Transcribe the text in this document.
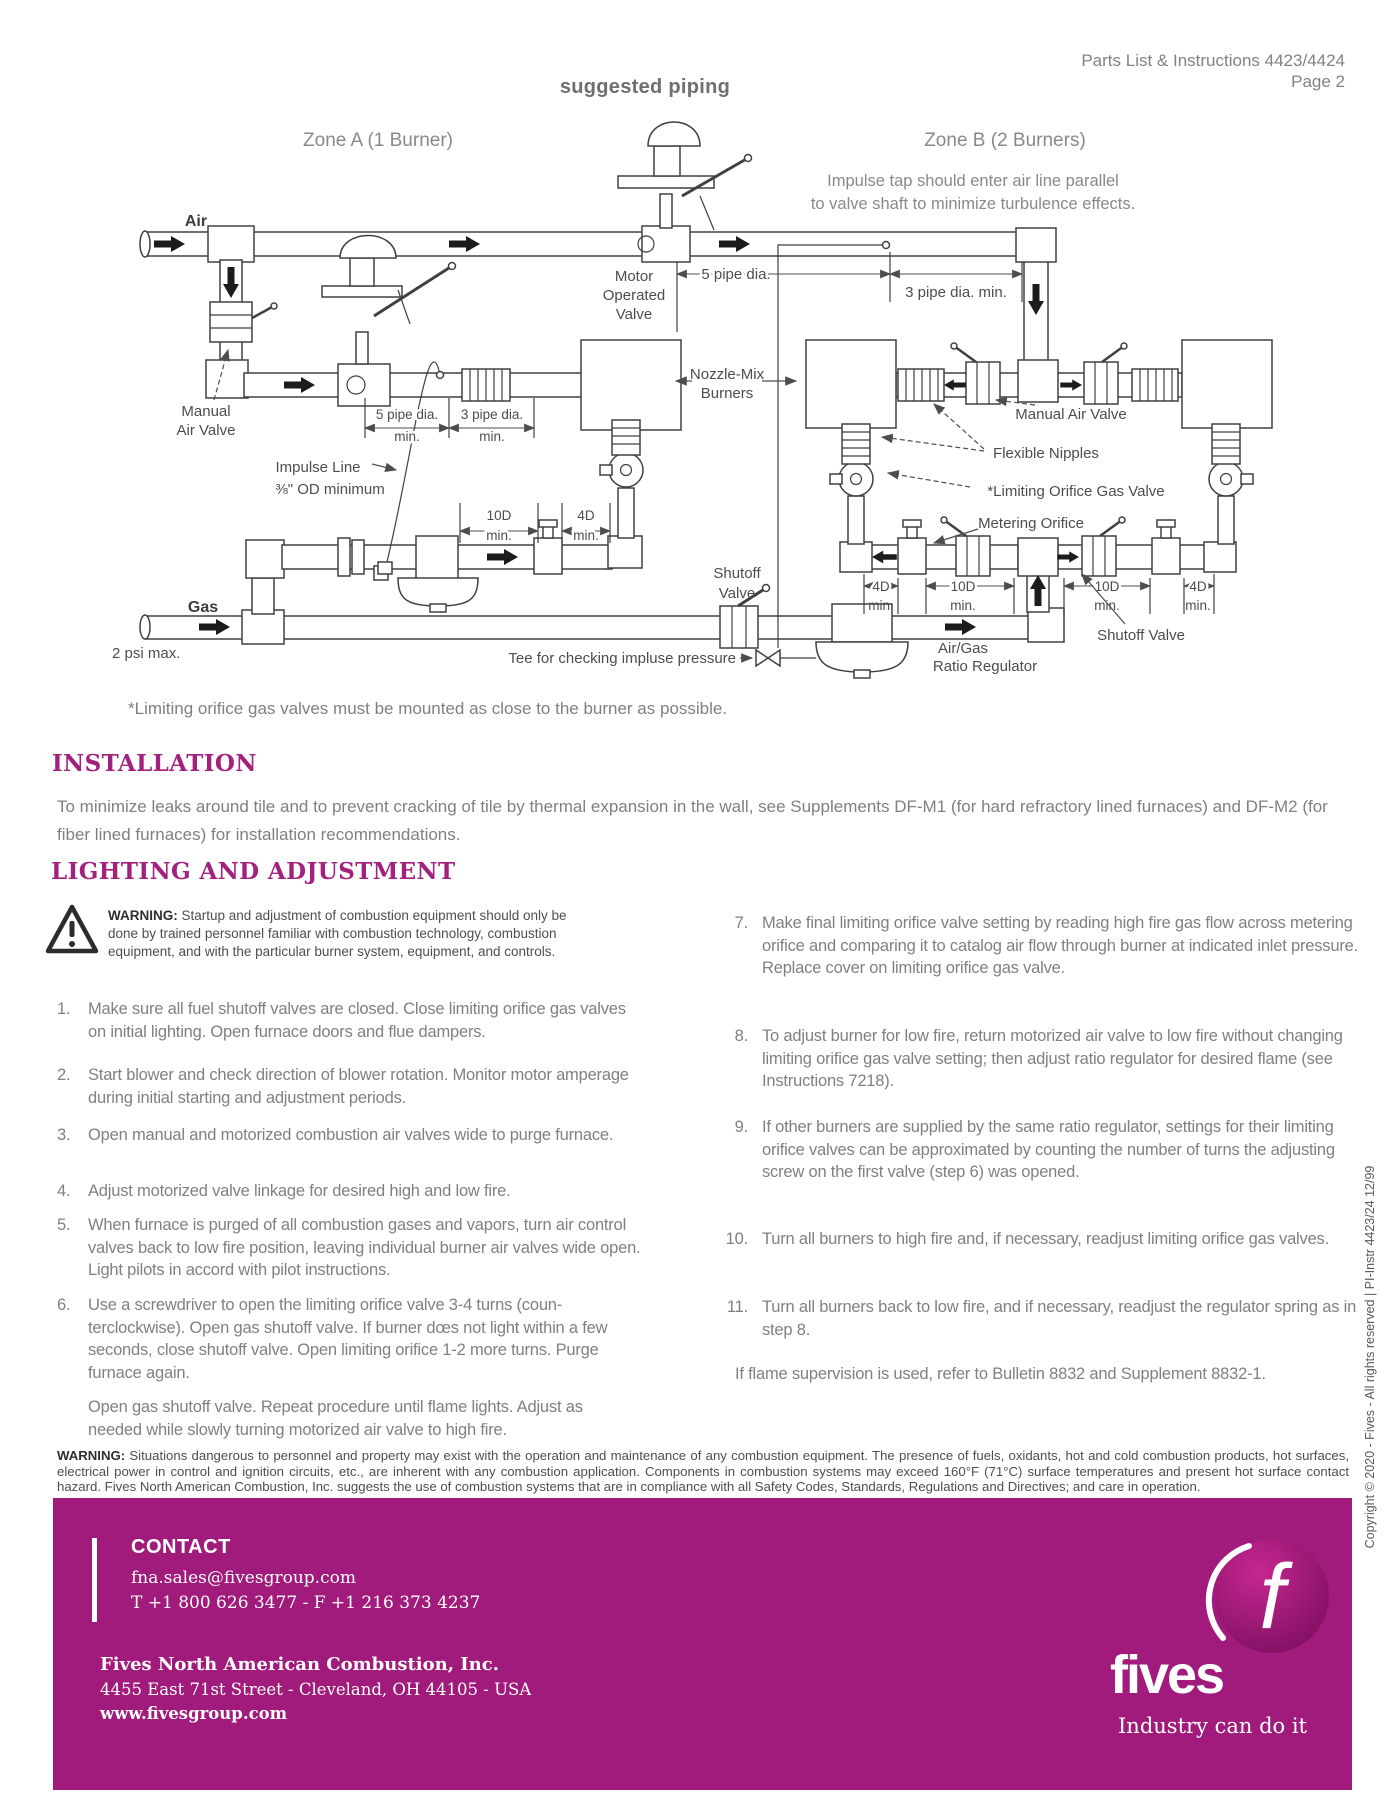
Parts List & Instructions 4423/4424
Page 2
suggested piping
Zone A (1 Burner)	Zone B (2 Burners)
Impulse tap should enter air line parallel
to valve shaft to minimize turbulence effects.
5 pipe dia.
3 pipe dia. min.
5 pipe dia.
min.
3 pipe dia.
min.
10D
min.
4D
min.
4D
min.
10D
min.
10D
min.
4D
min.
Air
Motor
Operated
Valve
Manual
Air Valve
Impulse Line
⅜" OD minimum
Nozzle-Mix
Burners
Manual Air Valve
Flexible Nipples
*Limiting Orifice Gas Valve
Metering Orifice
Shutoff
Valve
Shutoff Valve
Gas
2 psi max.	Tee for checking impluse pressure
Air/Gas
Ratio Regulator
*Limiting orifice gas valves must be mounted as close to the burner as possible.
INSTALLATION
To minimize leaks around tile and to prevent cracking of tile by thermal expansion in the wall, see Supplements DF-M1 (for hard refractory lined furnaces) and DF-M2 (for fiber lined furnaces) for installation recommendations.
LIGHTING AND ADJUSTMENT
WARNING: Startup and adjustment of combustion equipment should only be done by trained personnel familiar with combustion technology, combustion equipment, and with the particular burner system, equipment, and controls.
1. Make sure all fuel shutoff valves are closed. Close limiting orifice gas valves on initial lighting. Open furnace doors and flue dampers.
2. Start blower and check direction of blower rotation. Monitor motor amperage during initial starting and adjustment periods.
3. Open manual and motorized combustion air valves wide to purge furnace.
4. Adjust motorized valve linkage for desired high and low fire.
5. When furnace is purged of all combustion gases and vapors, turn air control valves back to low fire position, leaving individual burner air valves wide open. Light pilots in accord with pilot instructions.
6. Use a screwdriver to open the limiting orifice valve 3-4 turns (coun- terclockwise). Open gas shutoff valve. If burner dœs not light within a few seconds, close shutoff valve. Open limiting orifice 1-2 more turns. Purge furnace again.
Open gas shutoff valve. Repeat procedure until flame lights. Adjust as needed while slowly turning motorized air valve to high fire.
7. Make final limiting orifice valve setting by reading high fire gas flow across metering orifice and comparing it to catalog air flow through burner at indicated inlet pressure. Replace cover on limiting orifice gas valve.
8. To adjust burner for low fire, return motorized air valve to low fire without changing limiting orifice gas valve setting; then adjust ratio regulator for desired flame (see Instructions 7218).
9. If other burners are supplied by the same ratio regulator, settings for their limiting orifice valves can be approximated by counting the number of turns the adjusting screw on the first valve (step 6) was opened.
10. Turn all burners to high fire and, if necessary, readjust limiting orifice gas valves.
11. Turn all burners back to low fire, and if necessary, readjust the regulator spring as in step 8.
If flame supervision is used, refer to Bulletin 8832 and Supplement 8832-1.
WARNING: Situations dangerous to personnel and property may exist with the operation and maintenance of any combustion equipment. The presence of fuels, oxidants, hot and cold combustion products, hot surfaces, electrical power in control and ignition circuits, etc., are inherent with any combustion application. Components in combustion systems may exceed 160°F (71°C) surface temperatures and present hot surface contact hazard. Fives North American Combustion, Inc. suggests the use of combustion systems that are in compliance with all Safety Codes, Standards, Regulations and Directives; and care in operation.
CONTACT
fna.sales@fivesgroup.com
T +1 800 626 3477 - F +1 216 373 4237
Fives North American Combustion, Inc.
4455 East 71st Street - Cleveland, OH 44105 - USA
www.fivesgroup.com
f
fives
Industry can do it
Copyright © 2020 - Fives - All rights reserved | PI-Instr 4423/24 12/99
